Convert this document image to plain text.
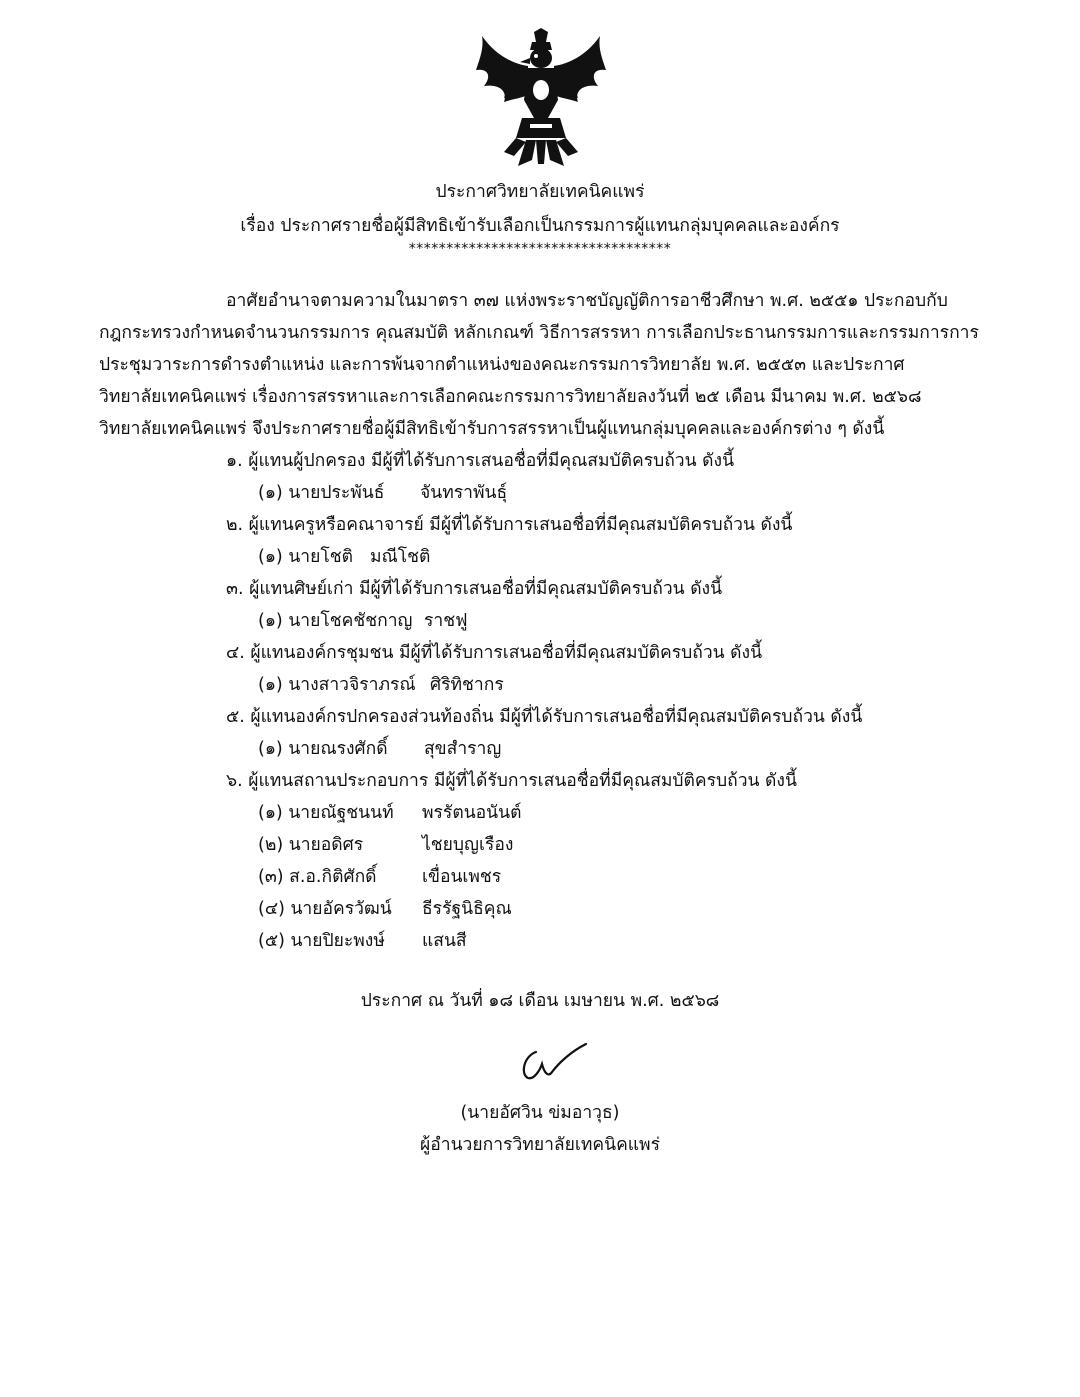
ประกาศวิทยาลัยเทคนิคแพร่
เรื่อง ประกาศรายชื่อผู้มีสิทธิเข้ารับเลือกเป็นกรรมการผู้แทนกลุ่มบุคคลและองค์กร
***********************************
อาศัยอำนาจตามความในมาตรา ๓๗ แห่งพระราชบัญญัติการอาชีวศึกษา พ.ศ. ๒๕๕๑ ประกอบกับ
กฎกระทรวงกำหนดจำนวนกรรมการ คุณสมบัติ หลักเกณฑ์ วิธีการสรรหา การเลือกประธานกรรมการและกรรมการการ
ประชุมวาระการดำรงตำแหน่ง และการพ้นจากตำแหน่งของคณะกรรมการวิทยาลัย พ.ศ. ๒๕๕๓ และประกาศ
วิทยาลัยเทคนิคแพร่ เรื่องการสรรหาและการเลือกคณะกรรมการวิทยาลัยลงวันที่ ๒๕ เดือน มีนาคม พ.ศ. ๒๕๖๘
วิทยาลัยเทคนิคแพร่ จึงประกาศรายชื่อผู้มีสิทธิเข้ารับการสรรหาเป็นผู้แทนกลุ่มบุคคลและองค์กรต่าง ๆ ดังนี้
๑. ผู้แทนผู้ปกครอง มีผู้ที่ได้รับการเสนอชื่อที่มีคุณสมบัติครบถ้วน ดังนี้
(๑) นายประพันธ์ จันทราพันธุ์
๒. ผู้แทนครูหรือคณาจารย์ มีผู้ที่ได้รับการเสนอชื่อที่มีคุณสมบัติครบถ้วน ดังนี้
(๑) นายโชติ มณีโชติ
๓. ผู้แทนศิษย์เก่า มีผู้ที่ได้รับการเสนอชื่อที่มีคุณสมบัติครบถ้วน ดังนี้
(๑) นายโชคชัชกาญ ราชฟู
๔. ผู้แทนองค์กรชุมชน มีผู้ที่ได้รับการเสนอชื่อที่มีคุณสมบัติครบถ้วน ดังนี้
(๑) นางสาวจิราภรณ์ ศิริทิชากร
๕. ผู้แทนองค์กรปกครองส่วนท้องถิ่น มีผู้ที่ได้รับการเสนอชื่อที่มีคุณสมบัติครบถ้วน ดังนี้
(๑) นายณรงศักดิ์ สุขสำราญ
๖. ผู้แทนสถานประกอบการ มีผู้ที่ได้รับการเสนอชื่อที่มีคุณสมบัติครบถ้วน ดังนี้
(๑) นายณัฐชนนท์ พรรัตนอนันต์
(๒) นายอดิศร	ไชยบุญเรือง
(๓) ส.อ.กิติศักดิ์	เขื่อนเพชร
(๔) นายอัครวัฒน์ ธีรรัฐนิธิคุณ
(๕) นายปิยะพงษ์ แสนสี
ประกาศ ณ วันที่ ๑๘ เดือน เมษายน พ.ศ. ๒๕๖๘
(นายอัศวิน ข่มอาวุธ)
ผู้อำนวยการวิทยาลัยเทคนิคแพร่
